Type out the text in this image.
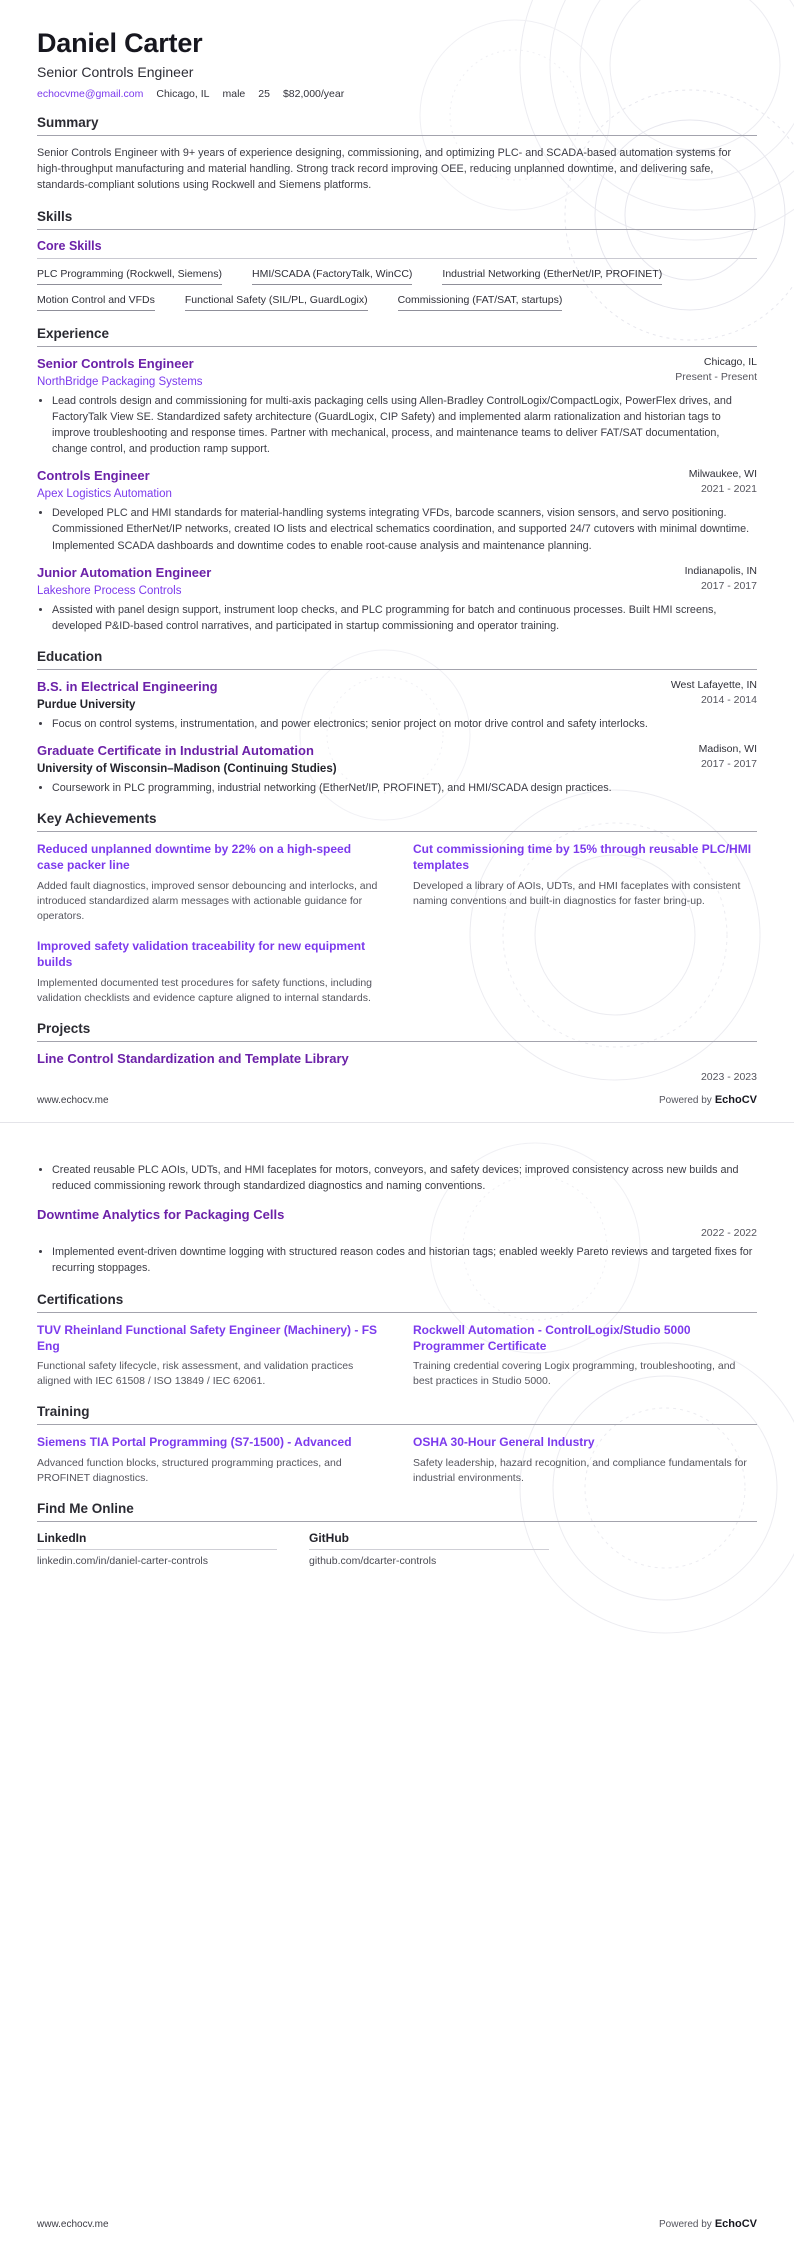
Daniel Carter
Senior Controls Engineer
echocvme@gmail.com Chicago, IL male 25 $82,000/year
Summary
Senior Controls Engineer with 9+ years of experience designing, commissioning, and optimizing PLC- and SCADA-based automation systems for high-throughput manufacturing and material handling. Strong track record improving OEE, reducing unplanned downtime, and delivering safe, standards-compliant solutions using Rockwell and Siemens platforms.
Skills
Core Skills
PLC Programming (Rockwell, Siemens)	HMI/SCADA (FactoryTalk, WinCC)	Industrial Networking (EtherNet/IP, PROFINET)
Motion Control and VFDs	Functional Safety (SIL/PL, GuardLogix)	Commissioning (FAT/SAT, startups)
Experience
Senior Controls Engineer
NorthBridge Packaging Systems
Chicago, IL
Present - Present
• Lead controls design and commissioning for multi-axis packaging cells using Allen-Bradley ControlLogix/CompactLogix, PowerFlex drives, and FactoryTalk View SE. Standardized safety architecture (GuardLogix, CIP Safety) and implemented alarm rationalization and historian tags to improve troubleshooting and response times. Partner with mechanical, process, and maintenance teams to deliver FAT/SAT documentation, change control, and production ramp support.
Controls Engineer
Apex Logistics Automation
Milwaukee, WI
2021 - 2021
• Developed PLC and HMI standards for material-handling systems integrating VFDs, barcode scanners, vision sensors, and servo positioning. Commissioned EtherNet/IP networks, created IO lists and electrical schematics coordination, and supported 24/7 cutovers with minimal downtime. Implemented SCADA dashboards and downtime codes to enable root-cause analysis and maintenance planning.
Junior Automation Engineer
Lakeshore Process Controls
Indianapolis, IN
2017 - 2017
• Assisted with panel design support, instrument loop checks, and PLC programming for batch and continuous processes. Built HMI screens, developed P&ID-based control narratives, and participated in startup commissioning and operator training.
Education
B.S. in Electrical Engineering
Purdue University
West Lafayette, IN
2014 - 2014
• Focus on control systems, instrumentation, and power electronics; senior project on motor drive control and safety interlocks.
Graduate Certificate in Industrial Automation
University of Wisconsin–Madison (Continuing Studies)
Madison, WI
2017 - 2017
• Coursework in PLC programming, industrial networking (EtherNet/IP, PROFINET), and HMI/SCADA design practices.
Key Achievements
Reduced unplanned downtime by 22% on a high-speed case packer line
Added fault diagnostics, improved sensor debouncing and interlocks, and introduced standardized alarm messages with actionable guidance for operators.
Cut commissioning time by 15% through reusable PLC/HMI templates
Developed a library of AOIs, UDTs, and HMI faceplates with consistent naming conventions and built-in diagnostics for faster bring-up.
Improved safety validation traceability for new equipment builds
Implemented documented test procedures for safety functions, including validation checklists and evidence capture aligned to internal standards.
Projects
Line Control Standardization and Template Library
2023 - 2023
www.echocv.me	Powered by EchoCV
• Created reusable PLC AOIs, UDTs, and HMI faceplates for motors, conveyors, and safety devices; improved consistency across new builds and reduced commissioning rework through standardized diagnostics and naming conventions.
Downtime Analytics for Packaging Cells
2022 - 2022
• Implemented event-driven downtime logging with structured reason codes and historian tags; enabled weekly Pareto reviews and targeted fixes for recurring stoppages.
Certifications
TUV Rheinland Functional Safety Engineer (Machinery) - FS Eng
Functional safety lifecycle, risk assessment, and validation practices aligned with IEC 61508 / ISO 13849 / IEC 62061.
Rockwell Automation - ControlLogix/Studio 5000 Programmer Certificate
Training credential covering Logix programming, troubleshooting, and best practices in Studio 5000.
Training
Siemens TIA Portal Programming (S7-1500) - Advanced
Advanced function blocks, structured programming practices, and PROFINET diagnostics.
OSHA 30-Hour General Industry
Safety leadership, hazard recognition, and compliance fundamentals for industrial environments.
Find Me Online
LinkedIn
linkedin.com/in/daniel-carter-controls
GitHub
github.com/dcarter-controls
www.echocv.me	Powered by EchoCV
